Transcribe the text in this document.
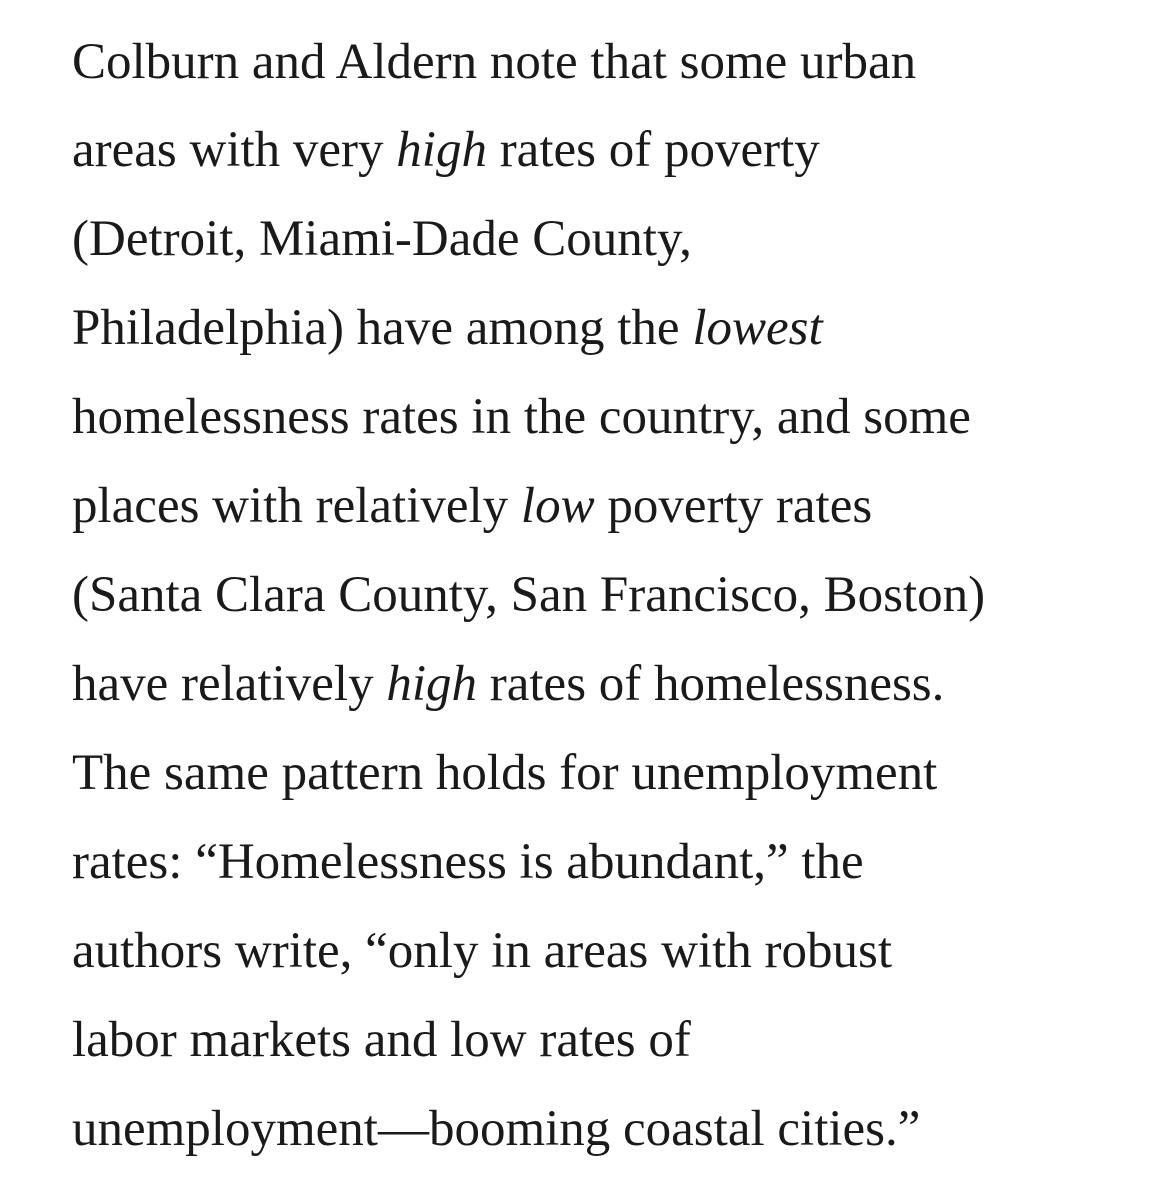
Colburn and Aldern note that some urban
areas with very high rates of poverty
(Detroit, Miami-Dade County,
Philadelphia) have among the lowest
homelessness rates in the country, and some
places with relatively low poverty rates
(Santa Clara County, San Francisco, Boston)
have relatively high rates of homelessness.
The same pattern holds for unemployment
rates: “Homelessness is abundant,” the
authors write, “only in areas with robust
labor markets and low rates of
unemployment—booming coastal cities.”
